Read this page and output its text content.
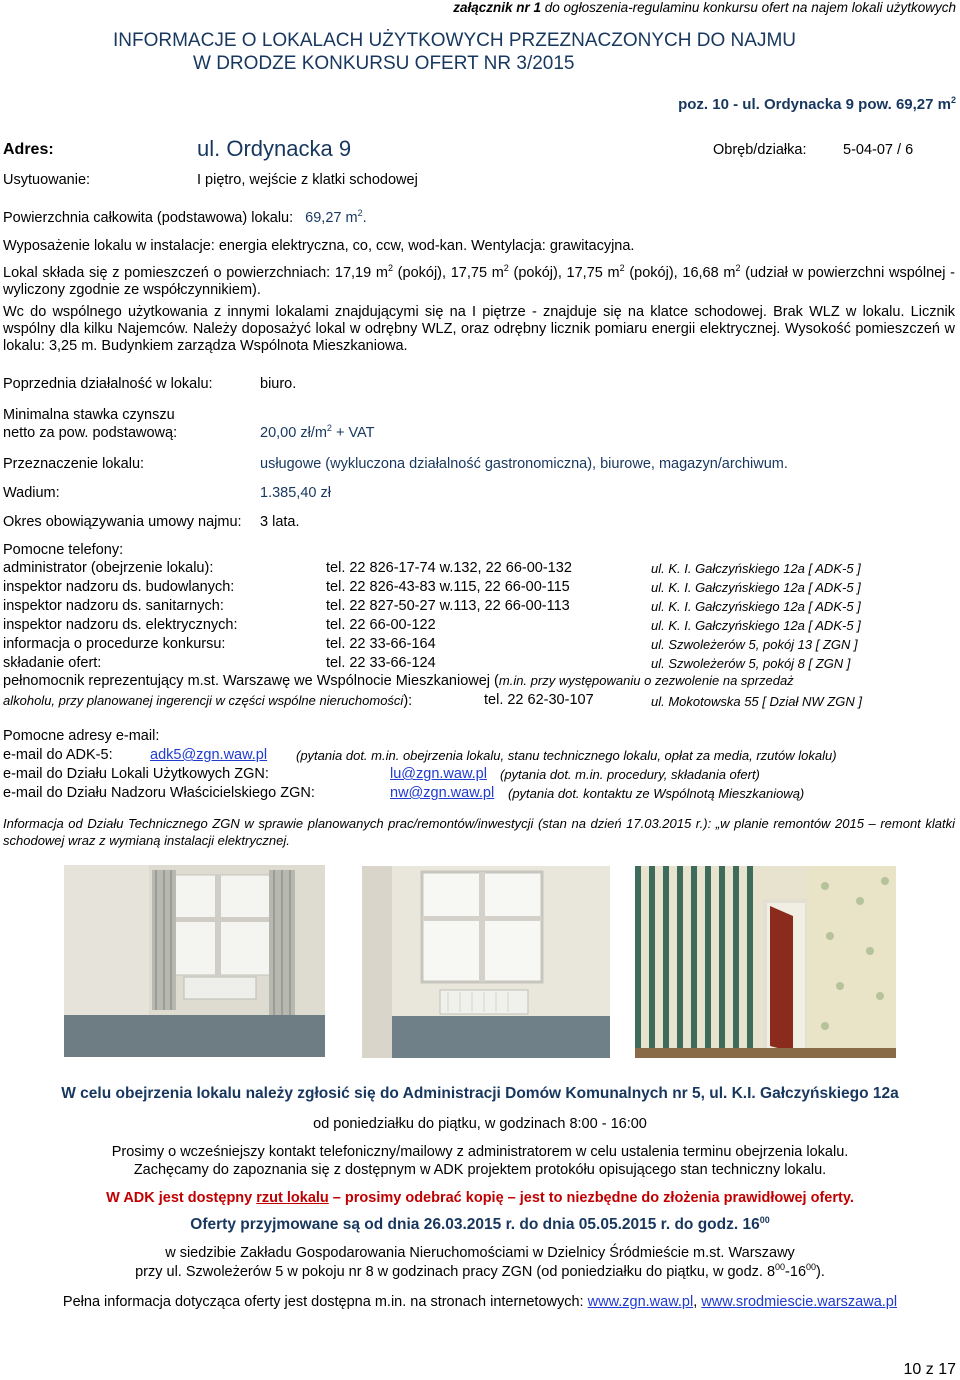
załącznik nr 1 do ogłoszenia-regulaminu konkursu ofert na najem lokali użytkowych
INFORMACJE O LOKALACH UŻYTKOWYCH PRZEZNACZONYCH DO NAJMU
W DRODZE KONKURSU OFERT NR 3/2015
poz. 10 - ul. Ordynacka 9 pow. 69,27 $m^2$
Adres:	ul. Ordynacka 9	Obręb/działka:	5-04-07 / 6
Usytuowanie:	I piętro, wejście z klatki schodowej
Powierzchnia całkowita (podstawowa) lokalu: 69,27 $m^2$.
Wyposażenie lokalu w instalacje: energia elektryczna, co, ccw, wod-kan. Wentylacja: grawitacyjna.
Lokal składa się z pomieszczeń o powierzchniach: 17,19 $m^2$ (pokój), 17,75 $m^2$ (pokój), 17,75 $m^2$ (pokój), 16,68 $m^2$ (udział w powierzchni wspólnej - wyliczony zgodnie ze współczynnikiem).
Wc do wspólnego użytkowania z innymi lokalami znajdującymi się na I piętrze - znajduje się na klatce schodowej. Brak WLZ w lokalu. Licznik wspólny dla kilku Najemców. Należy doposażyć lokal w odrębny WLZ, oraz odrębny licznik pomiaru energii elektrycznej. Wysokość pomieszczeń w lokalu: 3,25 m. Budynkiem zarządza Wspólnota Mieszkaniowa.
Poprzednia działalność w lokalu:	biuro.
Minimalna stawka czynszu
netto za pow. podstawową:	20,00 $zł/m^2$ + VAT
Przeznaczenie lokalu:	usługowe (wykluczona działalność gastronomiczna), biurowe, magazyn/archiwum.
Wadium:	1.385,40 zł
Okres obowiązywania umowy najmu: 3 lata.
Pomocne telefony:
administrator (obejrzenie lokalu):	tel. 22 826-17-74 w.132, 22 66-00-132	ul. K. I. Gałczyńskiego 12a [ ADK-5 ]
inspektor nadzoru ds. budowlanych:	tel. 22 826-43-83 w.115, 22 66-00-115	ul. K. I. Gałczyńskiego 12a [ ADK-5 ]
inspektor nadzoru ds. sanitarnych:	tel. 22 827-50-27 w.113, 22 66-00-113	ul. K. I. Gałczyńskiego 12a [ ADK-5 ]
inspektor nadzoru ds. elektrycznych:	tel. 22 66-00-122	ul. K. I. Gałczyńskiego 12a [ ADK-5 ]
informacja o procedurze konkursu:	tel. 22 33-66-164	ul. Szwoleżerów 5, pokój 13 [ ZGN ]
składanie ofert:	tel. 22 33-66-124	ul. Szwoleżerów 5, pokój 8 [ ZGN ]
pełnomocnik reprezentujący m.st. Warszawę we Wspólnocie Mieszkaniowej (m.in. przy występowaniu o zezwolenie na sprzedaż
alkoholu, przy planowanej ingerencji w części wspólne nieruchomości):	tel. 22 62-30-107	ul. Mokotowska 55 [ Dział NW ZGN ]
Pomocne adresy e-mail:
e-mail do ADK-5:	adk5@zgn.waw.pl (pytania dot. m.in. obejrzenia lokalu, stanu technicznego lokalu, opłat za media, rzutów lokalu)
e-mail do Działu Lokali Użytkowych ZGN:	lu@zgn.waw.pl (pytania dot. m.in. procedury, składania ofert)
e-mail do Działu Nadzoru Właścicielskiego ZGN:	nw@zgn.waw.pl (pytania dot. kontaktu ze Wspólnotą Mieszkaniową)
Informacja od Działu Technicznego ZGN w sprawie planowanych prac/remontów/inwestycji (stan na dzień 17.03.2015 r.): „w planie remontów 2015 – remont klatki schodowej wraz z wymianą instalacji elektrycznej.
W celu obejrzenia lokalu należy zgłosić się do Administracji Domów Komunalnych nr 5, ul. K.I. Gałczyńskiego 12a
od poniedziałku do piątku, w godzinach 8:00 - 16:00
Prosimy o wcześniejszy kontakt telefoniczny/mailowy z administratorem w celu ustalenia terminu obejrzenia lokalu.
Zachęcamy do zapoznania się z dostępnym w ADK projektem protokółu opisującego stan techniczny lokalu.
W ADK jest dostępny rzut lokalu – prosimy odebrać kopię – jest to niezbędne do złożenia prawidłowej oferty.
Oferty przyjmowane są od dnia 26.03.2015 r. do dnia 05.05.2015 r. do godz. $16^{00}$
w siedzibie Zakładu Gospodarowania Nieruchomościami w Dzielnicy Śródmieście m.st. Warszawy
przy ul. Szwoleżerów 5 w pokoju nr 8 w godzinach pracy ZGN (od poniedziałku do piątku, w godz. $8^{00}-16^{00}$).
Pełna informacja dotycząca oferty jest dostępna m.in. na stronach internetowych: www.zgn.waw.pl, www.srodmiescie.warszawa.pl
10 z 17
